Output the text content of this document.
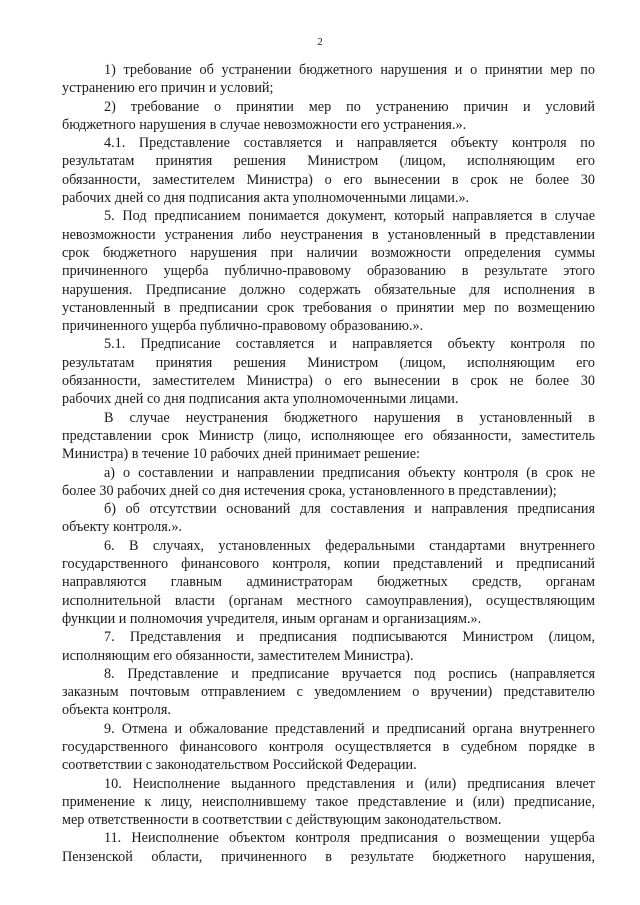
2
1) требование об устранении бюджетного нарушения и о принятии мер по
устранению его причин и условий;
2) требование о принятии мер по устранению причин и условий
бюджетного нарушения в случае невозможности его устранения.».
4.1. Представление составляется и направляется объекту контроля по
результатам принятия решения Министром (лицом, исполняющим его
обязанности, заместителем Министра) о его вынесении в срок не более 30
рабочих дней со дня подписания акта уполномоченными лицами.».
5. Под предписанием понимается документ, который направляется в случае
невозможности устранения либо неустранения в установленный в представлении
срок бюджетного нарушения при наличии возможности определения суммы
причиненного ущерба публично-правовому образованию в результате этого
нарушения. Предписание должно содержать обязательные для исполнения в
установленный в предписании срок требования о принятии мер по возмещению
причиненного ущерба публично-правовому образованию.».
5.1. Предписание составляется и направляется объекту контроля по
результатам принятия решения Министром (лицом, исполняющим его
обязанности, заместителем Министра) о его вынесении в срок не более 30
рабочих дней со дня подписания акта уполномоченными лицами.
В случае неустранения бюджетного нарушения в установленный в
представлении срок Министр (лицо, исполняющее его обязанности, заместитель
Министра) в течение 10 рабочих дней принимает решение:
а) о составлении и направлении предписания объекту контроля (в срок не
более 30 рабочих дней со дня истечения срока, установленного в представлении);
б) об отсутствии оснований для составления и направления предписания
объекту контроля.».
6. В случаях, установленных федеральными стандартами внутреннего
государственного финансового контроля, копии представлений и предписаний
направляются главным администраторам бюджетных средств, органам
исполнительной власти (органам местного самоуправления), осуществляющим
функции и полномочия учредителя, иным органам и организациям.».
7. Представления и предписания подписываются Министром (лицом,
исполняющим его обязанности, заместителем Министра).
8. Представление и предписание вручается под роспись (направляется
заказным почтовым отправлением с уведомлением о вручении) представителю
объекта контроля.
9. Отмена и обжалование представлений и предписаний органа внутреннего
государственного финансового контроля осуществляется в судебном порядке в
соответствии с законодательством Российской Федерации.
10. Неисполнение выданного представления и (или) предписания влечет
применение к лицу, неисполнившему такое представление и (или) предписание,
мер ответственности в соответствии с действующим законодательством.
11. Неисполнение объектом контроля предписания о возмещении ущерба
Пензенской области, причиненного в результате бюджетного нарушения,
